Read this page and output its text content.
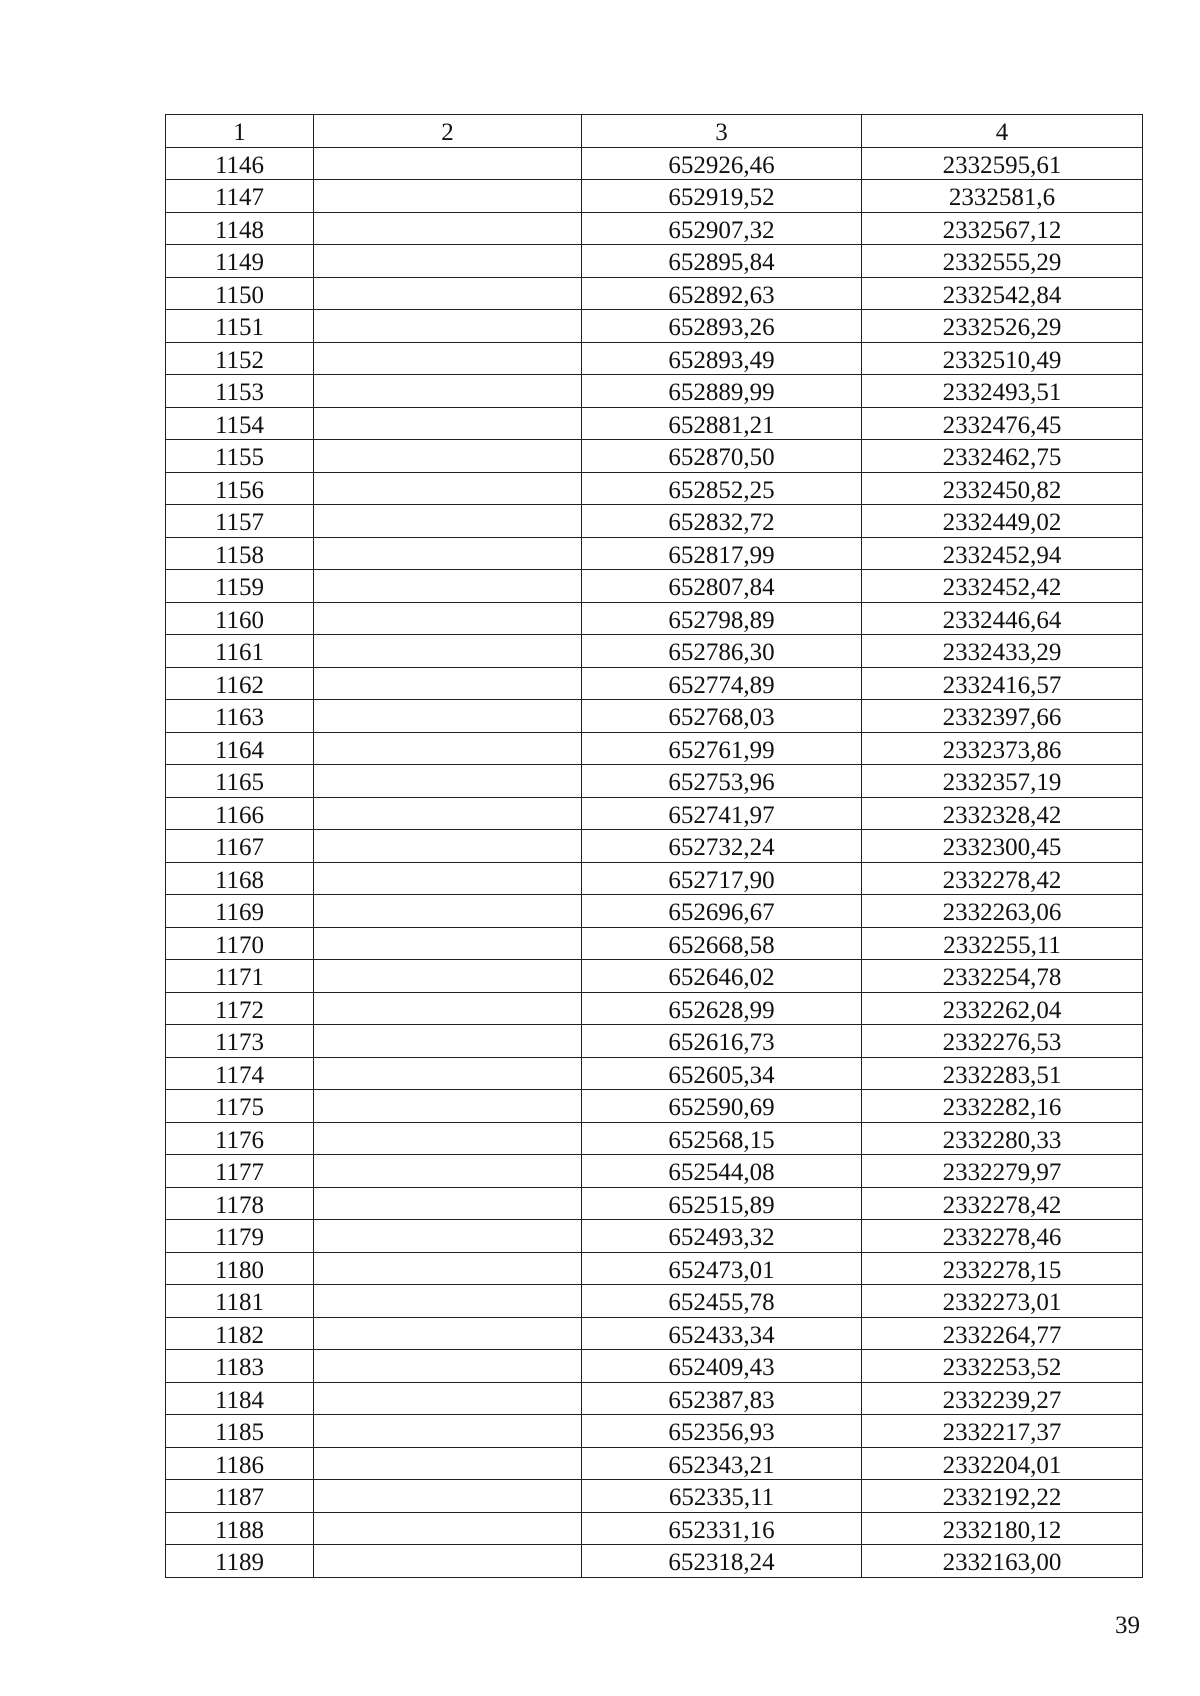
1	2	3	4
1146		652926,46	2332595,61
1147		652919,52	2332581,6
1148		652907,32	2332567,12
1149		652895,84	2332555,29
1150		652892,63	2332542,84
1151		652893,26	2332526,29
1152		652893,49	2332510,49
1153		652889,99	2332493,51
1154		652881,21	2332476,45
1155		652870,50	2332462,75
1156		652852,25	2332450,82
1157		652832,72	2332449,02
1158		652817,99	2332452,94
1159		652807,84	2332452,42
1160		652798,89	2332446,64
1161		652786,30	2332433,29
1162		652774,89	2332416,57
1163		652768,03	2332397,66
1164		652761,99	2332373,86
1165		652753,96	2332357,19
1166		652741,97	2332328,42
1167		652732,24	2332300,45
1168		652717,90	2332278,42
1169		652696,67	2332263,06
1170		652668,58	2332255,11
1171		652646,02	2332254,78
1172		652628,99	2332262,04
1173		652616,73	2332276,53
1174		652605,34	2332283,51
1175		652590,69	2332282,16
1176		652568,15	2332280,33
1177		652544,08	2332279,97
1178		652515,89	2332278,42
1179		652493,32	2332278,46
1180		652473,01	2332278,15
1181		652455,78	2332273,01
1182		652433,34	2332264,77
1183		652409,43	2332253,52
1184		652387,83	2332239,27
1185		652356,93	2332217,37
1186		652343,21	2332204,01
1187		652335,11	2332192,22
1188		652331,16	2332180,12
1189		652318,24	2332163,00
39
